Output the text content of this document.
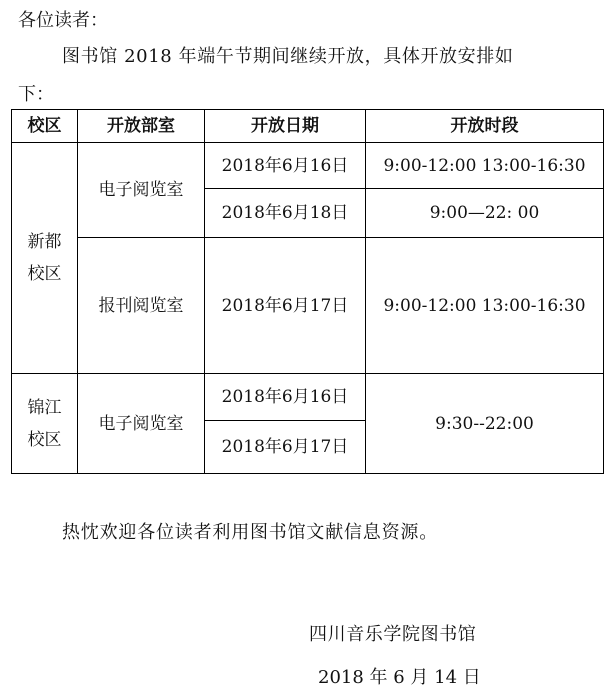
各位读者：
图书馆 2018 年端午节期间继续开放，具体开放安排如
下：
校区	开放部室	开放日期	开放时段
新都校区	电子阅览室	2018年6月16日	9:00-12:00 13:00-16:30
		2018年6月18日	9:00—22: 00
	报刊阅览室	2018年6月17日	9:00-12:00 13:00-16:30
锦江校区	电子阅览室	2018年6月16日	9:30--22:00
		2018年6月17日	
热忱欢迎各位读者利用图书馆文献信息资源。
四川音乐学院图书馆
2018 年 6 月 14 日
